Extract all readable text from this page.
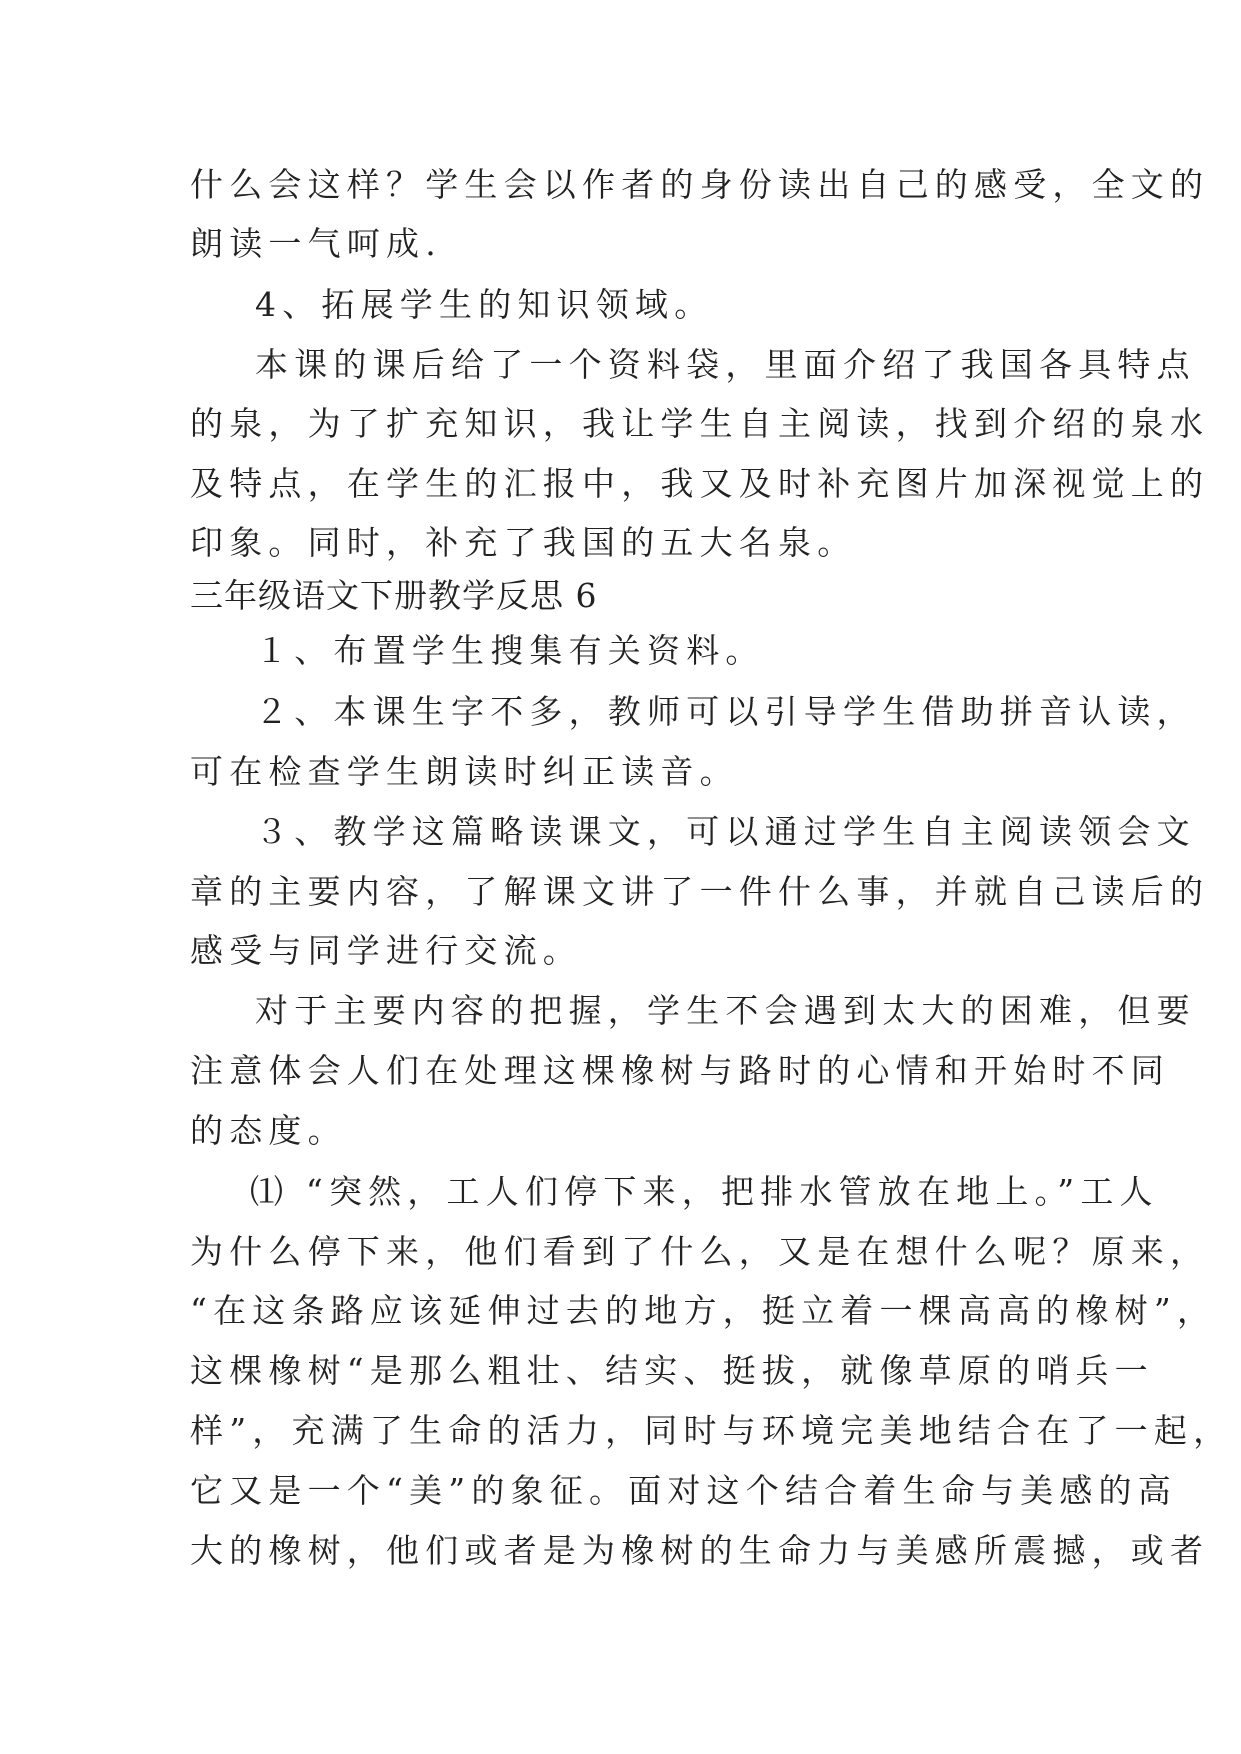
什么会这样？学生会以作者的身份读出自己的感受，全文的
朗读一气呵成.
4、拓展学生的知识领域。
本课的课后给了一个资料袋，里面介绍了我国各具特点
的泉，为了扩充知识，我让学生自主阅读，找到介绍的泉水
及特点，在学生的汇报中，我又及时补充图片加深视觉上的
印象。同时，补充了我国的五大名泉。
三年级语文下册教学反思 6
１、布置学生搜集有关资料。
２、本课生字不多，教师可以引导学生借助拼音认读，
可在检查学生朗读时纠正读音。
３、教学这篇略读课文，可以通过学生自主阅读领会文
章的主要内容，了解课文讲了一件什么事，并就自己读后的
感受与同学进行交流。
对于主要内容的把握，学生不会遇到太大的困难，但要
注意体会人们在处理这棵橡树与路时的心情和开始时不同
的态度。
⑴ “突然，工人们停下来，把排水管放在地上。”工人
为什么停下来，他们看到了什么，又是在想什么呢？原来，
“在这条路应该延伸过去的地方，挺立着一棵高高的橡树”，
这棵橡树“是那么粗壮、结实、挺拔，就像草原的哨兵一
样”，充满了生命的活力，同时与环境完美地结合在了一起，
它又是一个“美”的象征。面对这个结合着生命与美感的高
大的橡树，他们或者是为橡树的生命力与美感所震撼，或者
